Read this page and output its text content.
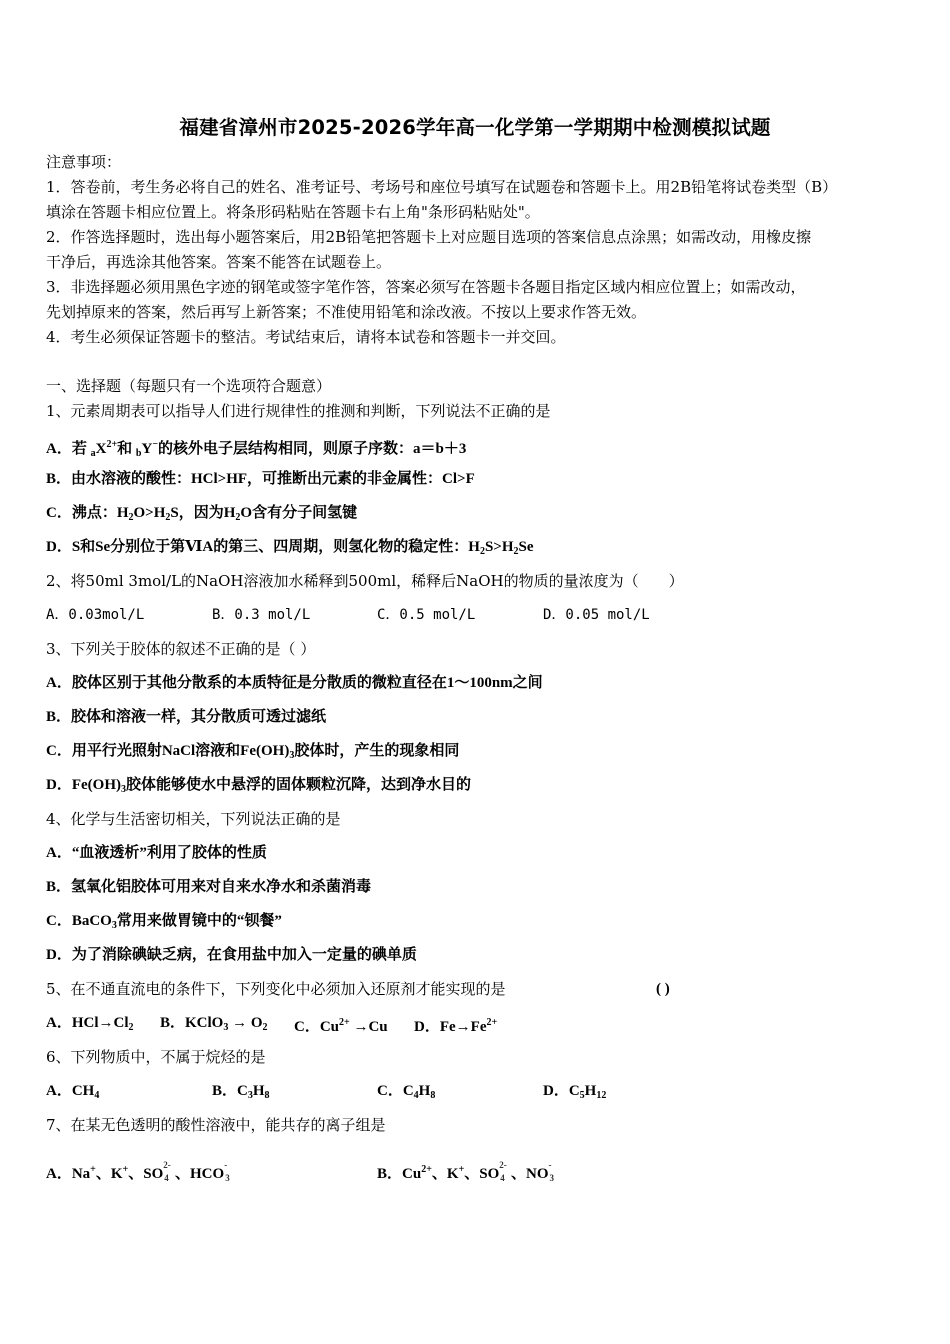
福建省漳州市2025-2026学年高一化学第一学期期中检测模拟试题
注意事项：
1．答卷前，考生务必将自己的姓名、准考证号、考场号和座位号填写在试题卷和答题卡上。用2B铅笔将试卷类型（B）
填涂在答题卡相应位置上。将条形码粘贴在答题卡右上角"条形码粘贴处"。
2．作答选择题时，选出每小题答案后，用2B铅笔把答题卡上对应题目选项的答案信息点涂黑；如需改动，用橡皮擦
干净后，再选涂其他答案。答案不能答在试题卷上。
3．非选择题必须用黑色字迹的钢笔或签字笔作答，答案必须写在答题卡各题目指定区域内相应位置上；如需改动，
先划掉原来的答案，然后再写上新答案；不准使用铅笔和涂改液。不按以上要求作答无效。
4．考生必须保证答题卡的整洁。考试结束后，请将本试卷和答题卡一并交回。
一、选择题（每题只有一个选项符合题意）
1、元素周期表可以指导人们进行规律性的推测和判断，下列说法不正确的是
A．若 $_aX^{2+}$和 $_b$Y−的核外电子层结构相同，则原子序数：a＝b＋3
B．由水溶液的酸性：HCl>HF，可推断出元素的非金属性：Cl>F
C．沸点：$H_2O>H_2S$，因为$H_2O$含有分子间氢键
D．S和Se分别位于第ⅥA的第三、四周期，则氢化物的稳定性：$H_2S>H_2Se$
2、将50ml 3mol/L的NaOH溶液加水稀释到500ml，稀释后NaOH的物质的量浓度为（　　）
A．0.03mol/L	B．0.3 mol/L	C．0.5 mol/L	D．0.05 mol/L
3、下列关于胶体的叙述不正确的是（ ）
A．胶体区别于其他分散系的本质特征是分散质的微粒直径在1～100nm之间
B．胶体和溶液一样，其分散质可透过滤纸
C．用平行光照射NaCl溶液和$Fe(OH)_3$胶体时，产生的现象相同
D．$Fe(OH)_3$胶体能够使水中悬浮的固体颗粒沉降，达到净水目的
4、化学与生活密切相关，下列说法正确的是
A．“血液透析”利用了胶体的性质
B．氢氧化铝胶体可用来对自来水净水和杀菌消毒
C．BaCO$_3$常用来做胃镜中的“钡餐”
D．为了消除碘缺乏病，在食用盐中加入一定量的碘单质
5、在不通直流电的条件下，下列变化中必须加入还原剂才能实现的是	( )
A．$HCl\to Cl_2$ B．KClO$_3$ → $O_2$ C．$Cu^{2+} \to Cu$ D．$Fe\to Fe^{2+}$
6、下列物质中，不属于烷烃的是
A．$CH_4$	B．$C_3H_8$	C．$C_4H_8$	D．$C_5H_{12}$
7、在某无色透明的酸性溶液中，能共存的离子组是
A．Na+、K+、SO
2-
4 、HCO
-
3	B．$Cu^{2+}$、K+、SO
2-
4 、NO
-
3
